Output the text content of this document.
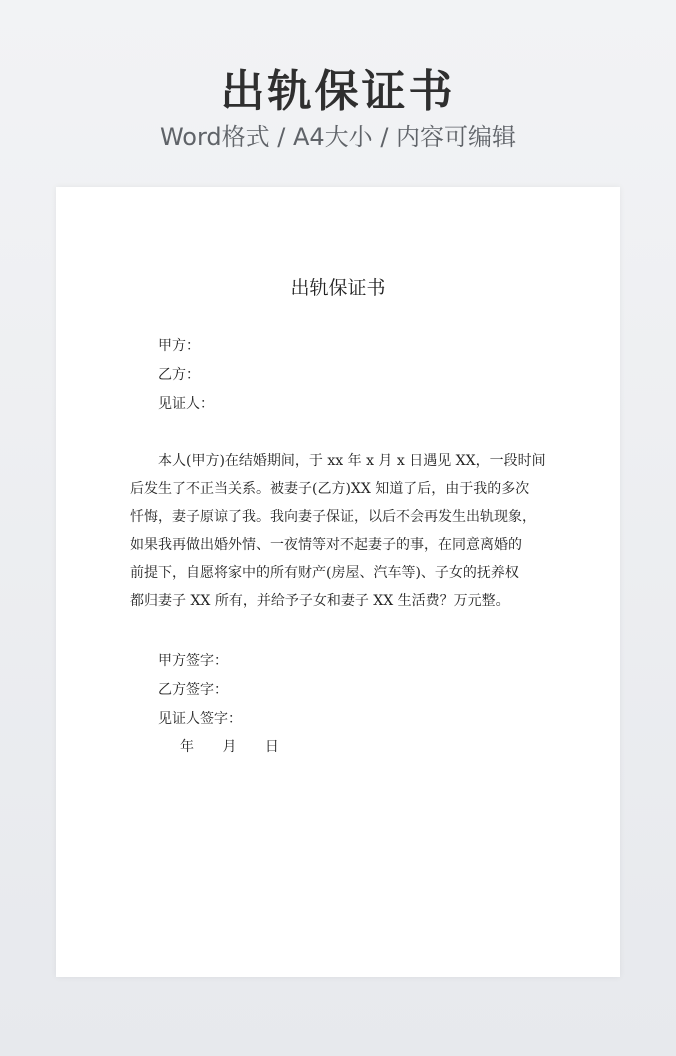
出轨保证书
Word格式 / A4大小 / 内容可编辑
出轨保证书
甲方：
乙方：
见证人：
本人(甲方)在结婚期间，于 xx 年 x 月 x 日遇见 XX，一段时间
后发生了不正当关系。被妻子(乙方)XX 知道了后，由于我的多次
忏悔，妻子原谅了我。我向妻子保证，以后不会再发生出轨现象，
如果我再做出婚外情、一夜情等对不起妻子的事，在同意离婚的
前提下，自愿将家中的所有财产(房屋、汽车等)、子女的抚养权
都归妻子 XX 所有，并给予子女和妻子 XX 生活费？万元整。
甲方签字：
乙方签字：
见证人签字：
年 月 日
